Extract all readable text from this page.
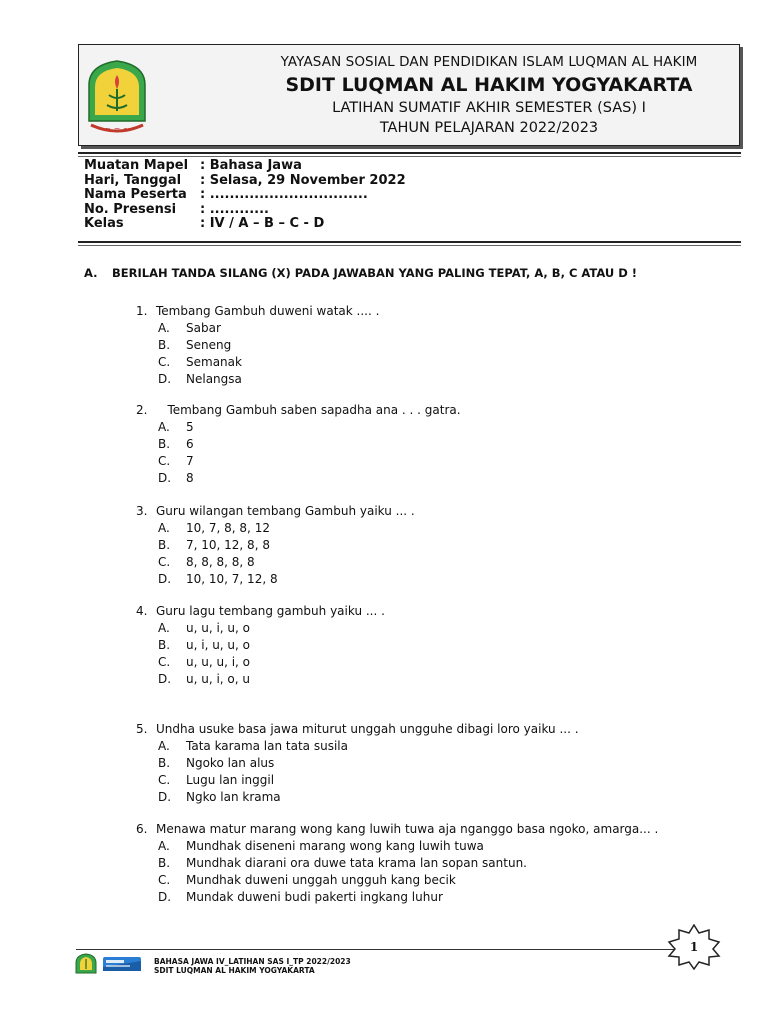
~ ~ ~
YAYASAN SOSIAL DAN PENDIDIKAN ISLAM LUQMAN AL HAKIM
SDIT LUQMAN AL HAKIM YOGYAKARTA
LATIHAN SUMATIF AKHIR SEMESTER (SAS) I
TAHUN PELAJARAN 2022/2023
Muatan Mapel : Bahasa Jawa
Hari, Tanggal : Selasa, 29 November 2022
Nama Peserta : ................................
No. Presensi : ............
Kelas	: IV / A – B – C - D
A. BERILAH TANDA SILANG (X) PADA JAWABAN YANG PALING TEPAT, A, B, C ATAU D !
1. Tembang Gambuh duweni watak .... .
A. Sabar
B. Seneng
C. Semanak
D. Nelangsa
2.   Tembang Gambuh saben sapadha ana . . . gatra.
A. 5
B. 6
C. 7
D. 8
3. Guru wilangan tembang Gambuh yaiku ... .
A. 10, 7, 8, 8, 12
B. 7, 10, 12, 8, 8
C. 8, 8, 8, 8, 8
D. 10, 10, 7, 12, 8
4. Guru lagu tembang gambuh yaiku ... .
A. u, u, i, u, o
B. u, i, u, u, o
C. u, u, u, i, o
D. u, u, i, o, u
5. Undha usuke basa jawa miturut unggah ungguhe dibagi loro yaiku ... .
A. Tata karama lan tata susila
B. Ngoko lan alus
C. Lugu lan inggil
D. Ngko lan krama
6. Menawa matur marang wong kang luwih tuwa aja nganggo basa ngoko, amarga... .
A. Mundhak diseneni marang wong kang luwih tuwa
B. Mundhak diarani ora duwe tata krama lan sopan santun.
C. Mundhak duweni unggah ungguh kang becik
D. Mundak duweni budi pakerti ingkang luhur
BAHASA JAWA IV_LATIHAN SAS I_TP 2022/2023
SDIT LUQMAN AL HAKIM YOGYAKARTA
1
